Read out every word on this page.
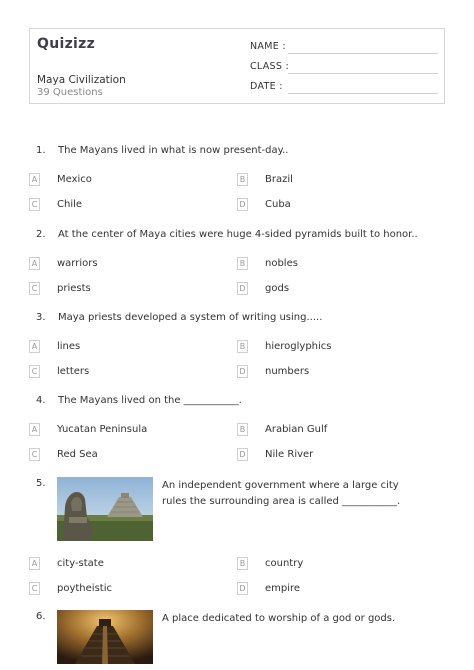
Quizizz
Maya Civilization
39 Questions
NAME :
CLASS :
DATE :
1. The Mayans lived in what is now present-day..
A Mexico	B Brazil
C Chile	D Cuba
2. At the center of Maya cities were huge 4-sided pyramids built to honor..
A warriors	B nobles
C priests	D gods
3. Maya priests developed a system of writing using.....
A lines	B hieroglyphics
C letters	D numbers
4. The Mayans lived on the ___________.
A Yucatan Peninsula	B Arabian Gulf
C Red Sea	D Nile River
5.	An independent government where a large city rules the surrounding area is called ___________.
A city-state	B country
C poytheistic	D empire
6.	A place dedicated to worship of a god or gods.
